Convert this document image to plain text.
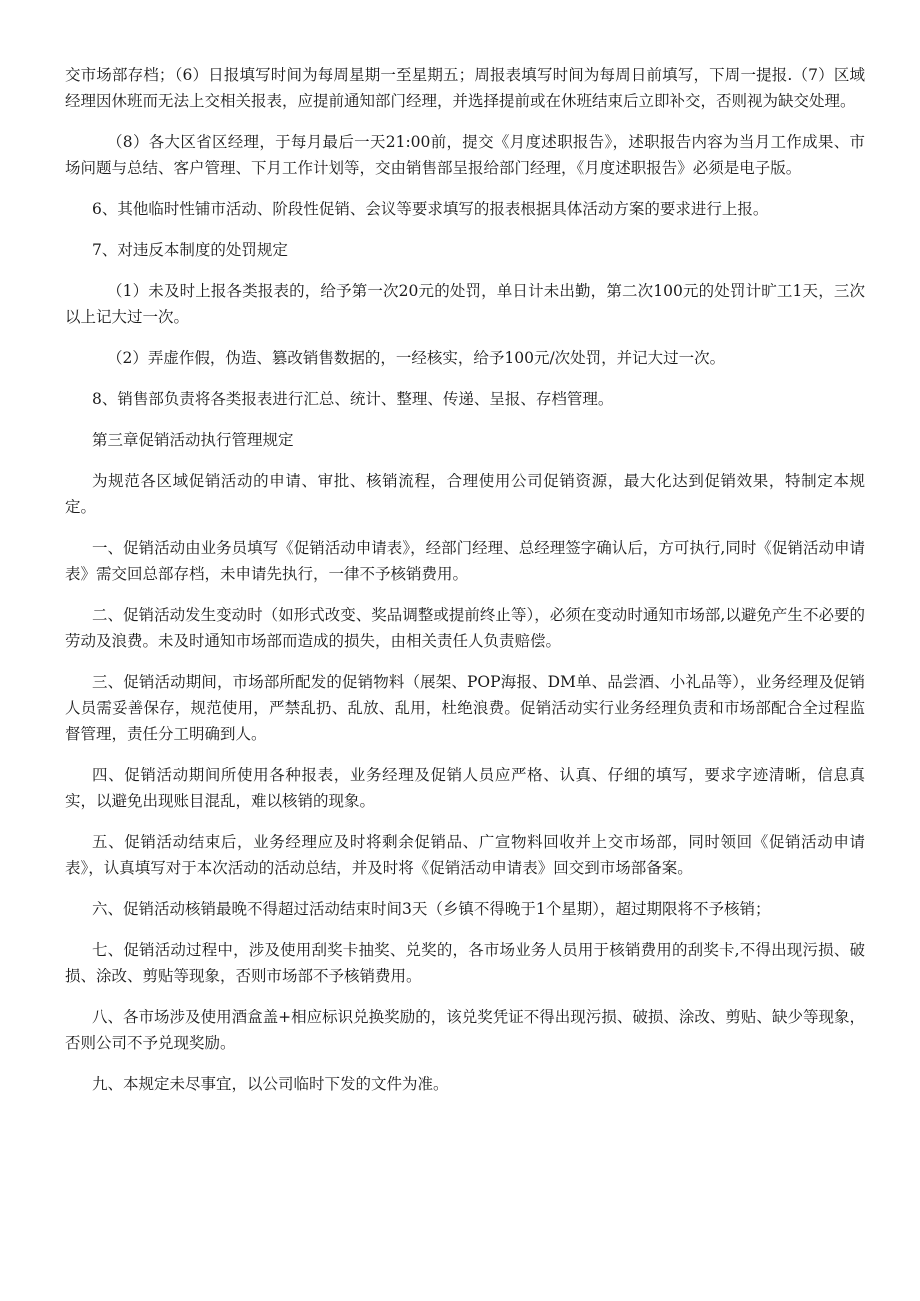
交市场部存档；（6）日报填写时间为每周星期一至星期五；周报表填写时间为每周日前填写，下周一提报.（7）区域经理因休班而无法上交相关报表，应提前通知部门经理，并选择提前或在休班结束后立即补交，否则视为缺交处理。

（8）各大区省区经理，于每月最后一天21:00前，提交《月度述职报告》，述职报告内容为当月工作成果、市场问题与总结、客户管理、下月工作计划等，交由销售部呈报给部门经理，《月度述职报告》必须是电子版。

6、其他临时性铺市活动、阶段性促销、会议等要求填写的报表根据具体活动方案的要求进行上报。

7、对违反本制度的处罚规定

（1）未及时上报各类报表的，给予第一次20元的处罚，单日计未出勤，第二次100元的处罚计旷工1天，三次以上记大过一次。

（2）弄虚作假，伪造、篡改销售数据的，一经核实，给予100元/次处罚，并记大过一次。

8、销售部负责将各类报表进行汇总、统计、整理、传递、呈报、存档管理。

第三章促销活动执行管理规定

为规范各区域促销活动的申请、审批、核销流程，合理使用公司促销资源，最大化达到促销效果，特制定本规定。

一、促销活动由业务员填写《促销活动申请表》，经部门经理、总经理签字确认后，方可执行,同时《促销活动申请表》需交回总部存档，未申请先执行，一律不予核销费用。

二、促销活动发生变动时（如形式改变、奖品调整或提前终止等），必须在变动时通知市场部,以避免产生不必要的劳动及浪费。未及时通知市场部而造成的损失，由相关责任人负责赔偿。

三、促销活动期间，市场部所配发的促销物料（展架、POP海报、DM单、品尝酒、小礼品等），业务经理及促销人员需妥善保存，规范使用，严禁乱扔、乱放、乱用，杜绝浪费。促销活动实行业务经理负责和市场部配合全过程监督管理，责任分工明确到人。

四、促销活动期间所使用各种报表，业务经理及促销人员应严格、认真、仔细的填写，要求字迹清晰，信息真实，以避免出现账目混乱，难以核销的现象。

五、促销活动结束后，业务经理应及时将剩余促销品、广宣物料回收并上交市场部，同时领回《促销活动申请表》，认真填写对于本次活动的活动总结，并及时将《促销活动申请表》回交到市场部备案。

六、促销活动核销最晚不得超过活动结束时间3天（乡镇不得晚于1个星期），超过期限将不予核销；

七、促销活动过程中，涉及使用刮奖卡抽奖、兑奖的，各市场业务人员用于核销费用的刮奖卡,不得出现污损、破损、涂改、剪贴等现象，否则市场部不予核销费用。

八、各市场涉及使用酒盒盖+相应标识兑换奖励的，该兑奖凭证不得出现污损、破损、涂改、剪贴、缺少等现象，否则公司不予兑现奖励。

九、本规定未尽事宜，以公司临时下发的文件为准。
